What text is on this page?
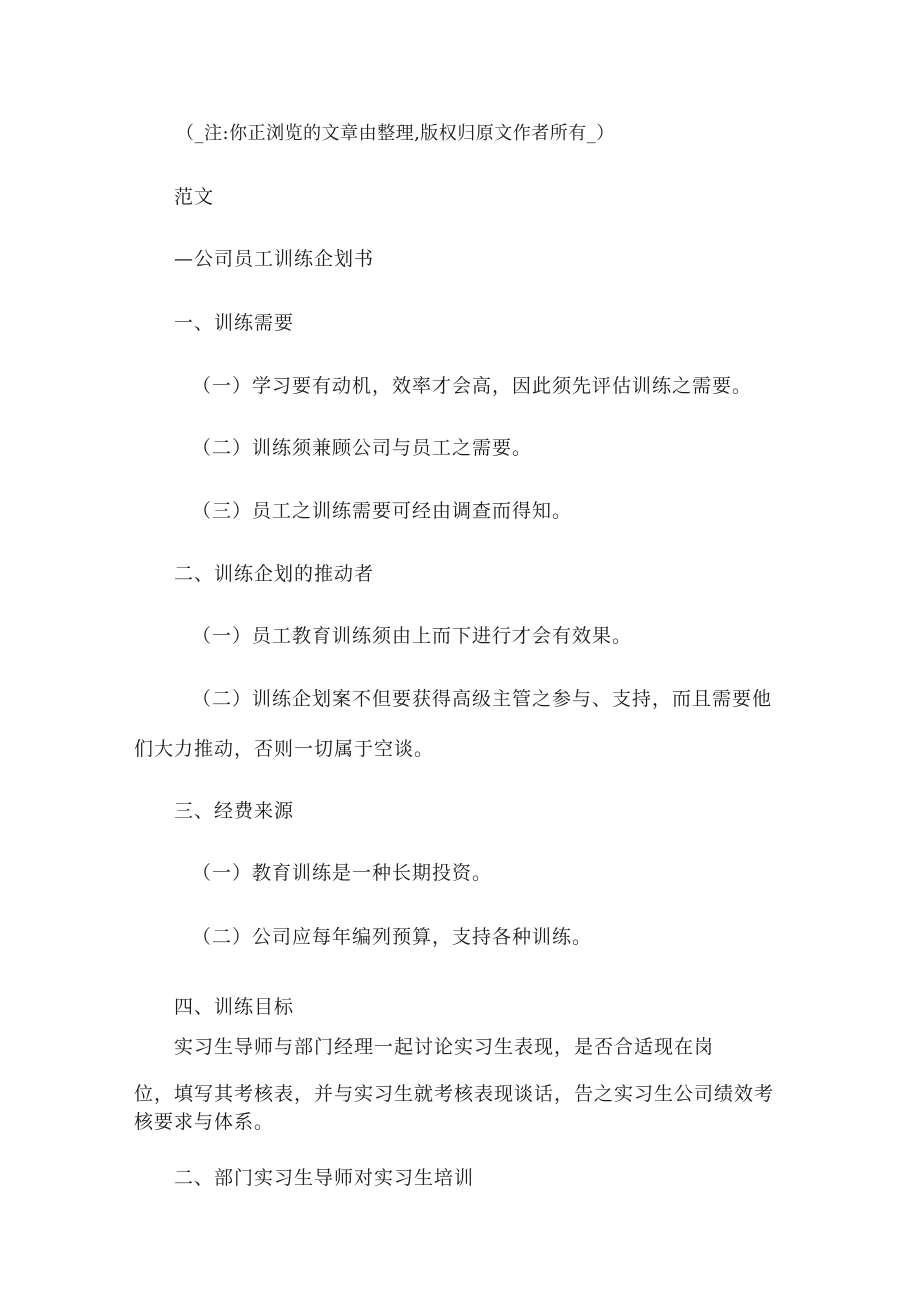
（_注:你正浏览的文章由整理,版权归原文作者所有_）
范文
—公司员工训练企划书
一、训练需要
（一）学习要有动机，效率才会高，因此须先评估训练之需要。
（二）训练须兼顾公司与员工之需要。
（三）员工之训练需要可经由调查而得知。
二、训练企划的推动者
（一）员工教育训练须由上而下进行才会有效果。
（二）训练企划案不但要获得高级主管之参与、支持，而且需要他
们大力推动，否则一切属于空谈。
三、经费来源
（一）教育训练是一种长期投资。
（二）公司应每年编列预算，支持各种训练。
四、训练目标
实习生导师与部门经理一起讨论实习生表现，是否合适现在岗
位，填写其考核表，并与实习生就考核表现谈话，告之实习生公司绩效考
核要求与体系。
二、部门实习生导师对实习生培训
